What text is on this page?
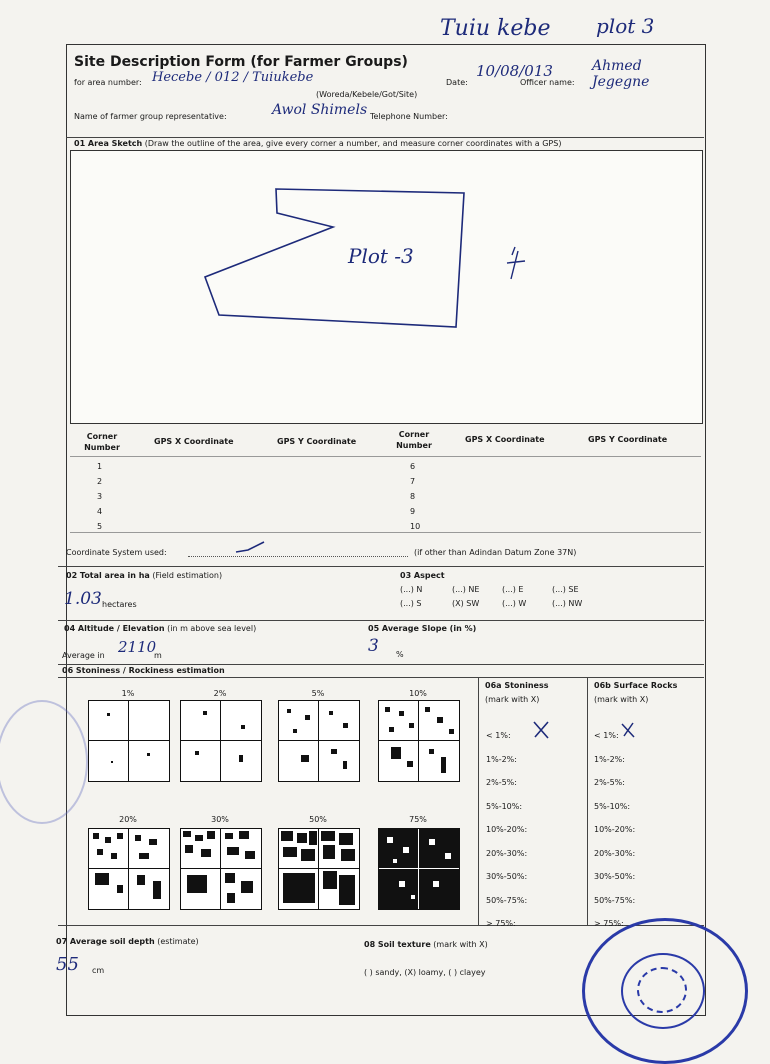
Tuiu kebe plot 3
Site Description Form (for Farmer Groups)
for area number: Hecebe / 012 / Tuiukebe
(Woreda/Kebele/Got/Site)
Date:
10/08/013
Officer name:
Ahmed Jegegne
Name of farmer group representative:	Awol Shimels Telephone Number:
01 Area Sketch (Draw the outline of the area, give every corner a number, and measure corner coordinates with a GPS)
Plot -3
Corner Number
GPS X Coordinate	GPS Y Coordinate
Corner Number
GPS X Coordinate	GPS Y Coordinate
1
2
3
4
5
6
7
8
9
10
Coordinate System used:	(if other than Adindan Datum Zone 37N)
02 Total area in ha (Field estimation)
1.03 hectares
03 Aspect
(...) N	(...) NE	(...) E	(...) SE
(...) S	(X) SW	(...) W	(...) NW
04 Altitude / Elevation (in m above sea level)
Average in 2110
m
05 Average Slope (in %)
3 %
06 Stoniness / Rockiness estimation
1%	2%	5%	10%
20%	30%	50%	75%
06a Stoniness
(mark with X)
06b Surface Rocks
(mark with X)
< 1%:
1%-2%:
2%-5%:
5%-10%:
10%-20%:
20%-30%:
30%-50%:
50%-75%:
> 75%:
< 1%:
1%-2%:
2%-5%:
5%-10%:
10%-20%:
20%-30%:
30%-50%:
50%-75%:
> 75%:
07 Average soil depth (estimate)
55 cm
08 Soil texture (mark with X)
( ) sandy, (X) loamy, ( ) clayey
